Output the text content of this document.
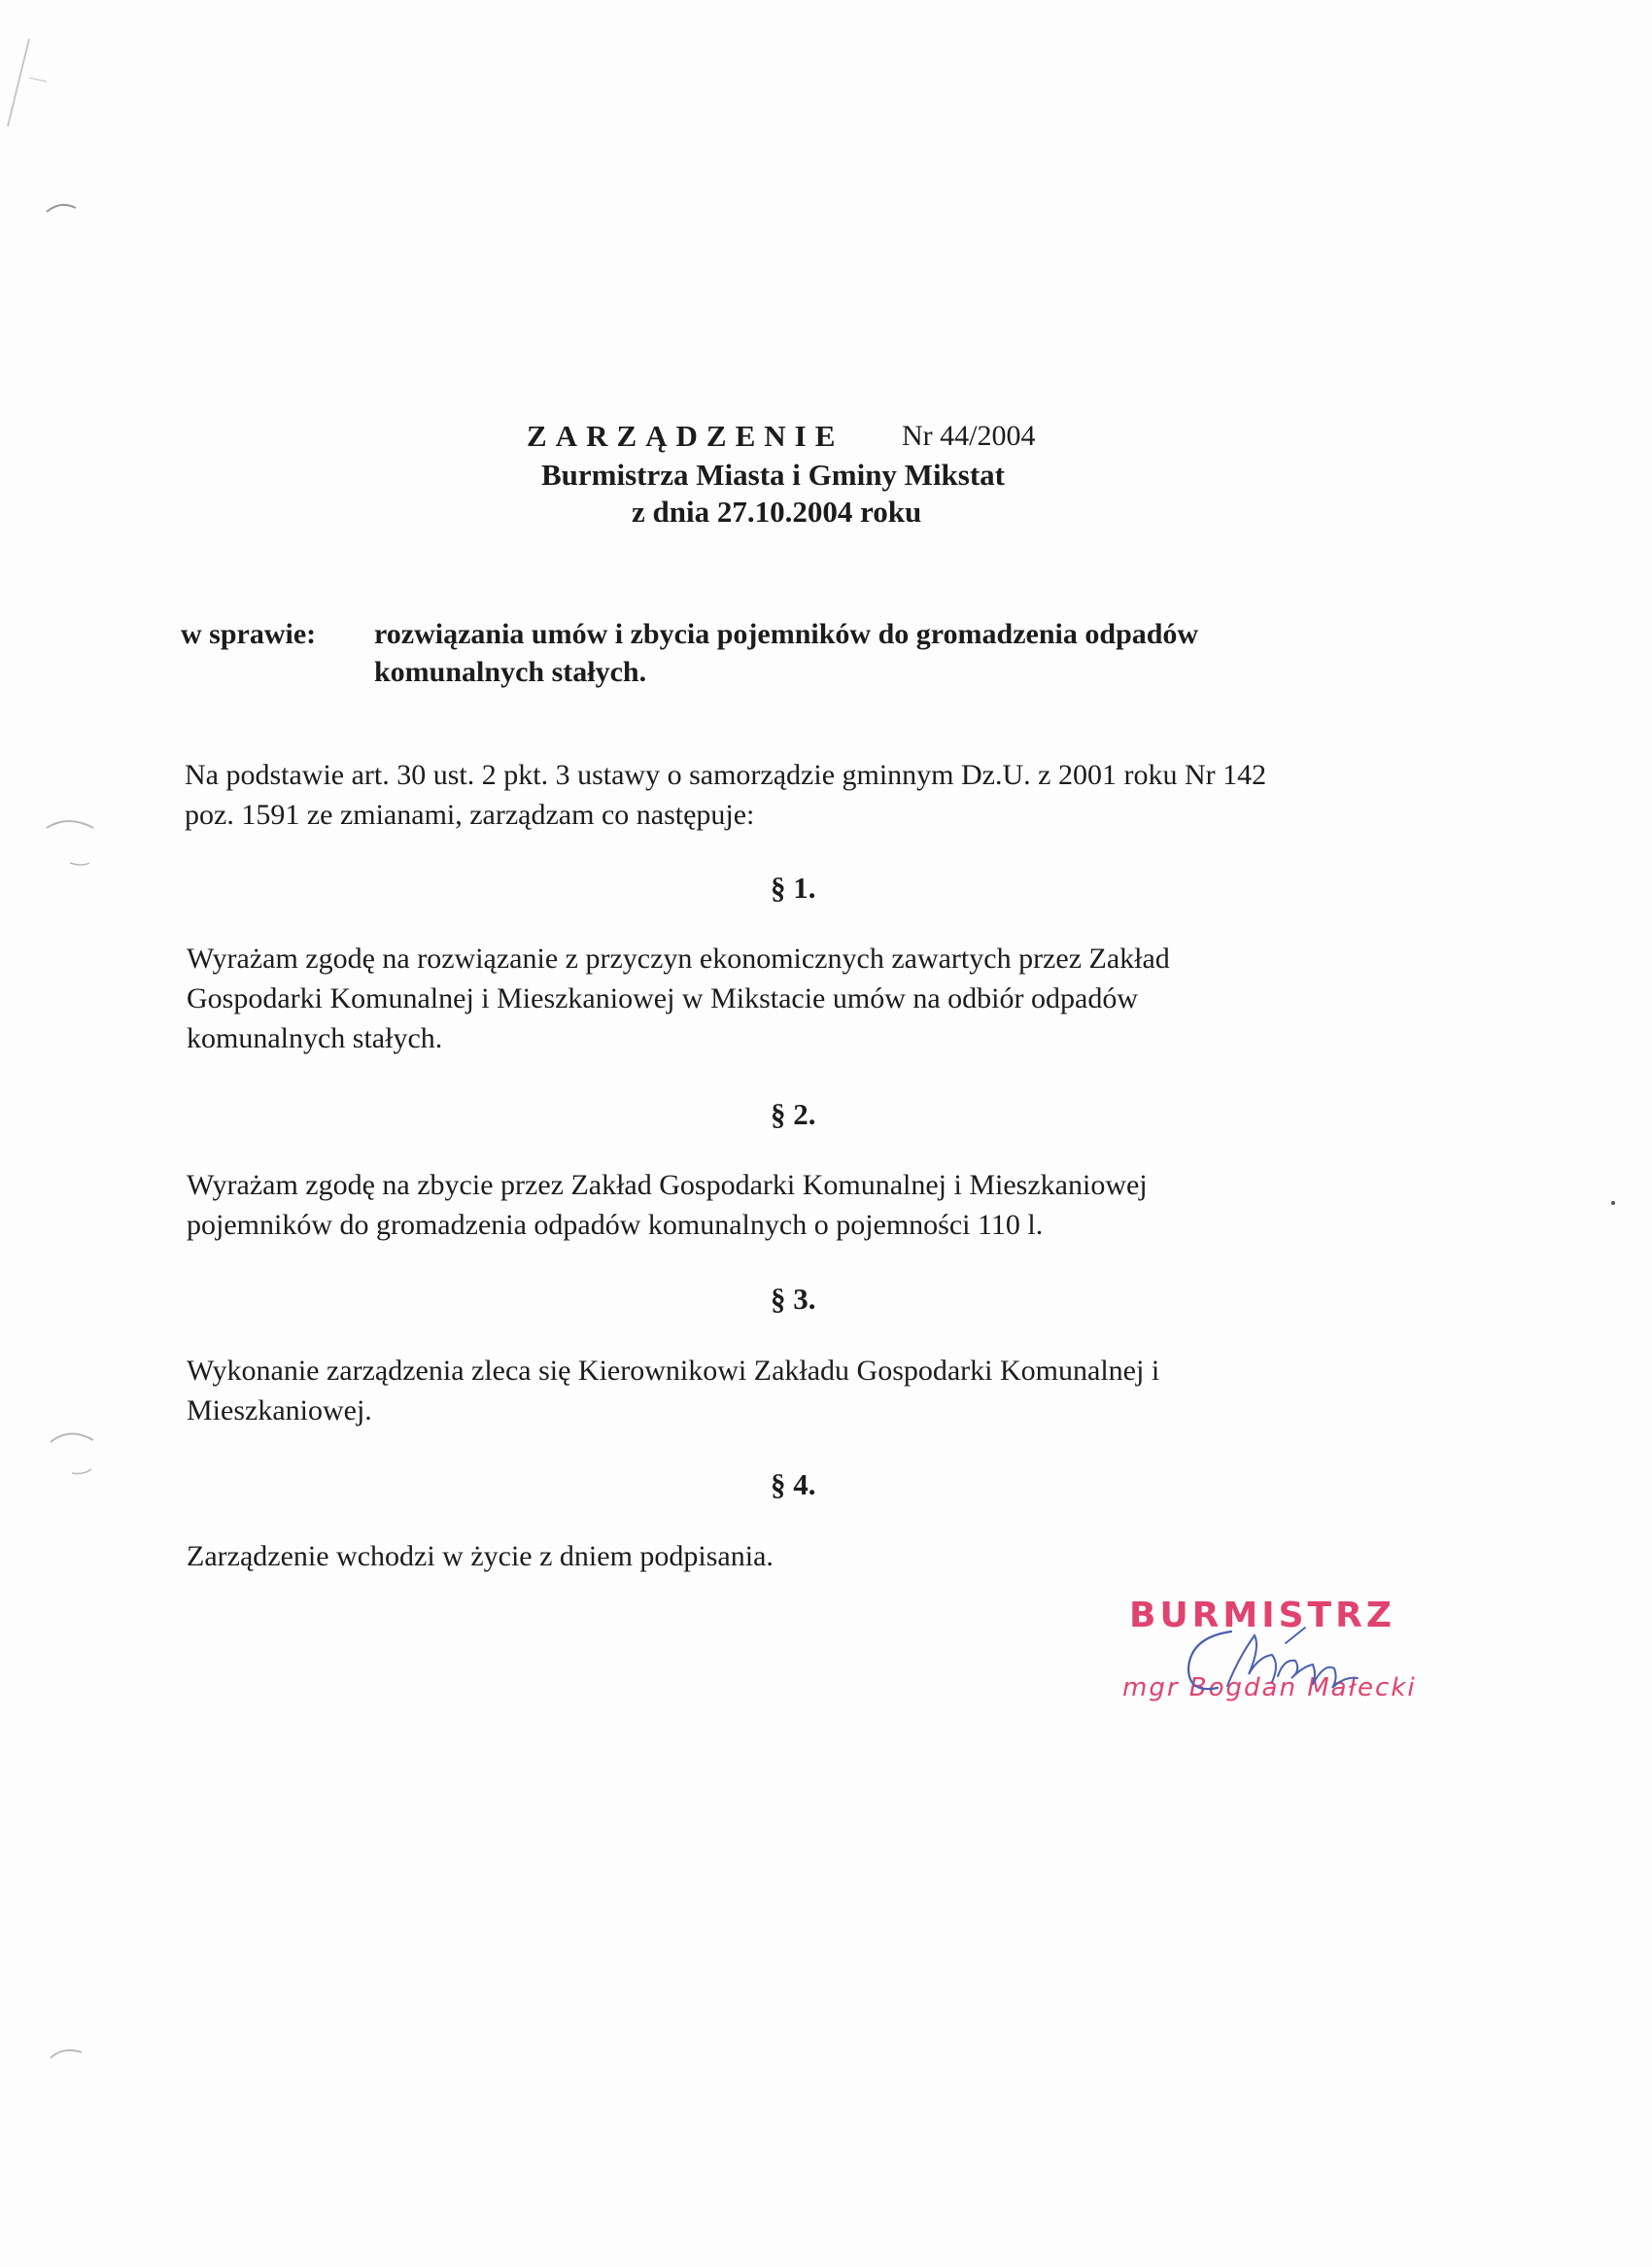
ZARZĄDZENIE Nr 44/2004
Burmistrza Miasta i Gminy Mikstat
z dnia 27.10.2004 roku
w sprawie: rozwiązania umów i zbycia pojemników do gromadzenia odpadów
komunalnych stałych.
Na podstawie art. 30 ust. 2 pkt. 3 ustawy o samorządzie gminnym Dz.U. z 2001 roku Nr 142
poz. 1591 ze zmianami, zarządzam co następuje:
§ 1.
Wyrażam zgodę na rozwiązanie z przyczyn ekonomicznych zawartych przez Zakład
Gospodarki Komunalnej i Mieszkaniowej w Mikstacie umów na odbiór odpadów
komunalnych stałych.
§ 2.
Wyrażam zgodę na zbycie przez Zakład Gospodarki Komunalnej i Mieszkaniowej
pojemników do gromadzenia odpadów komunalnych o pojemności 110 l.
§ 3.
Wykonanie zarządzenia zleca się Kierownikowi Zakładu Gospodarki Komunalnej i
Mieszkaniowej.
§ 4.
Zarządzenie wchodzi w życie z dniem podpisania.
BURMISTRZ
mgr Bogdan Małecki
